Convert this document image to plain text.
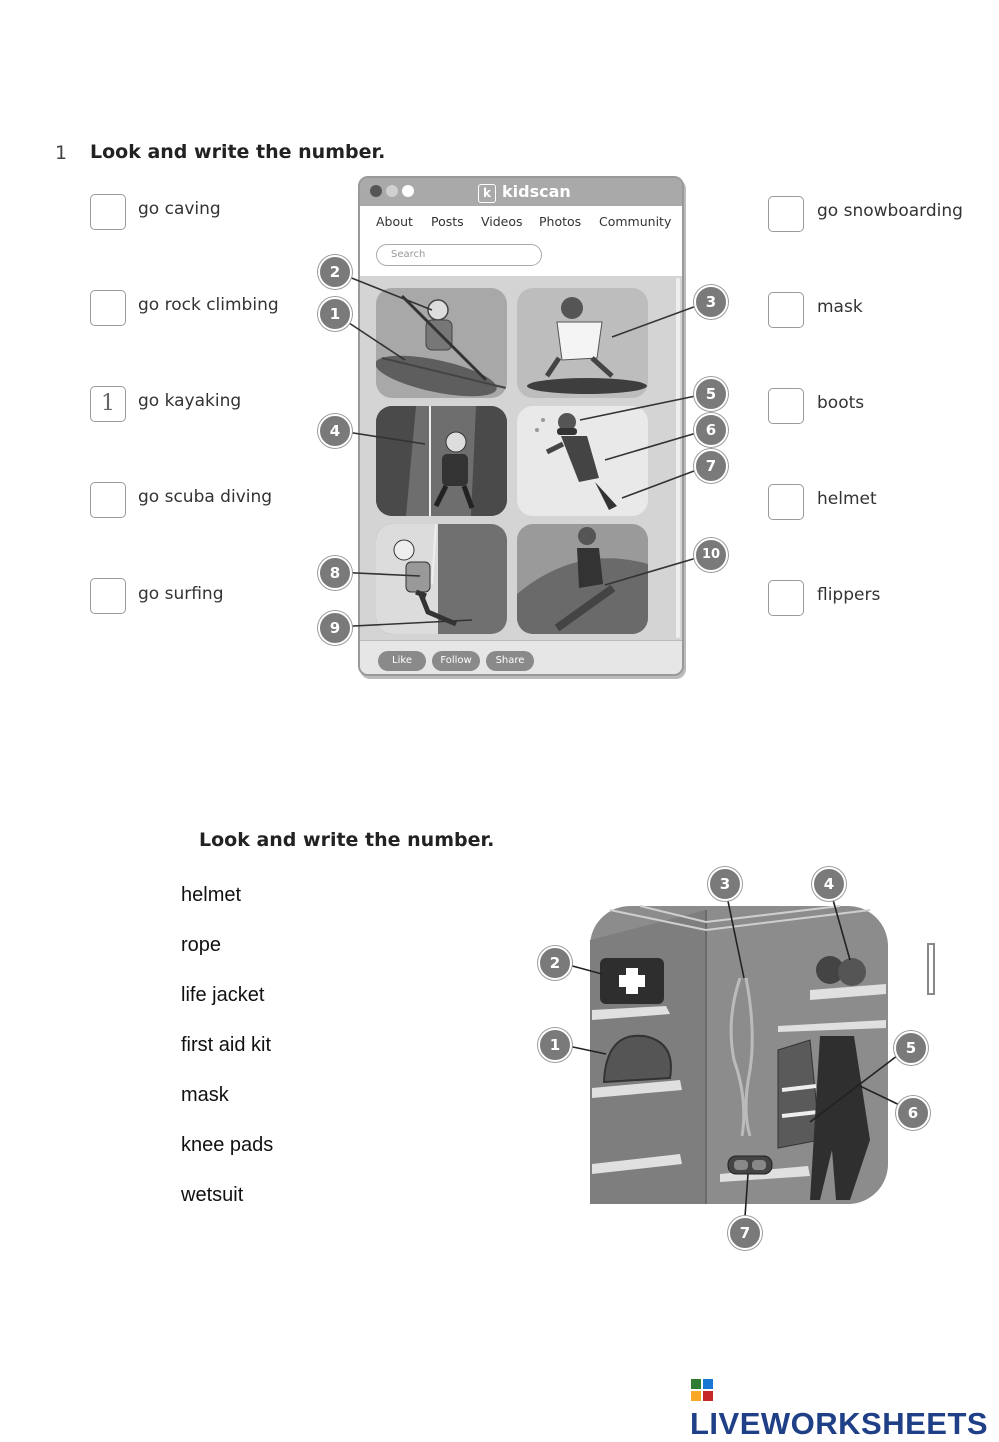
1 Look and write the number.
go caving
go rock climbing
1	go kayaking
go scuba diving
go surfing
go snowboarding
mask
boots
helmet
flippers
k kidscan
About Posts Videos Photos Community
Search
Like	Follow	Share
2
1
3
4
5
6
7
8
9
10
Look and write the number.
helmet
rope
life jacket
first aid kit
mask
knee pads
wetsuit
1
2
3	4
5
6
7
LIVEWORKSHEETS
